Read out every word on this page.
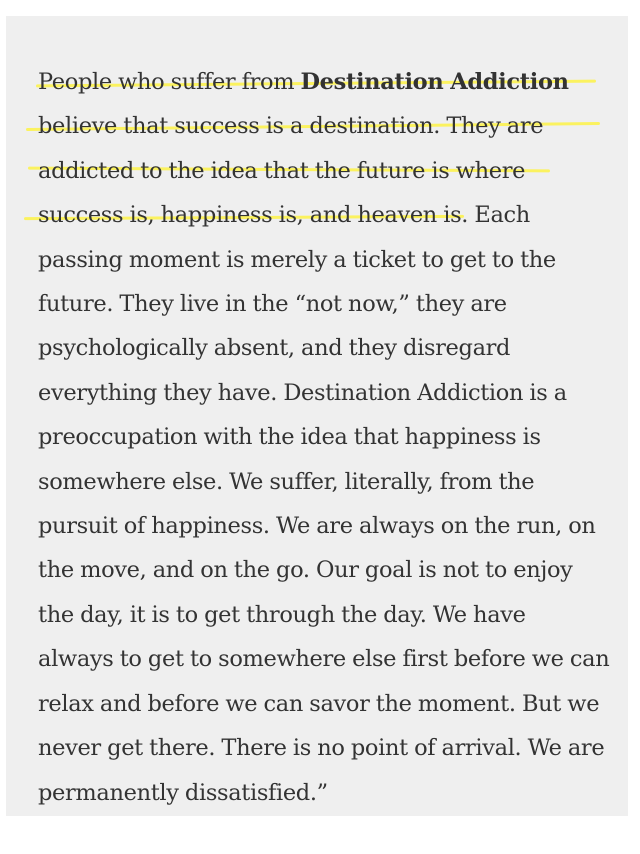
People who suffer from Destination Addiction
believe that success is a destination. They are
addicted to the idea that the future is where
success is, happiness is, and heaven is. Each
passing moment is merely a ticket to get to the
future. They live in the “not now,” they are
psychologically absent, and they disregard
everything they have. Destination Addiction is a
preoccupation with the idea that happiness is
somewhere else. We suffer, literally, from the
pursuit of happiness. We are always on the run, on
the move, and on the go. Our goal is not to enjoy
the day, it is to get through the day. We have
always to get to somewhere else first before we can
relax and before we can savor the moment. But we
never get there. There is no point of arrival. We are
permanently dissatisfied.”
